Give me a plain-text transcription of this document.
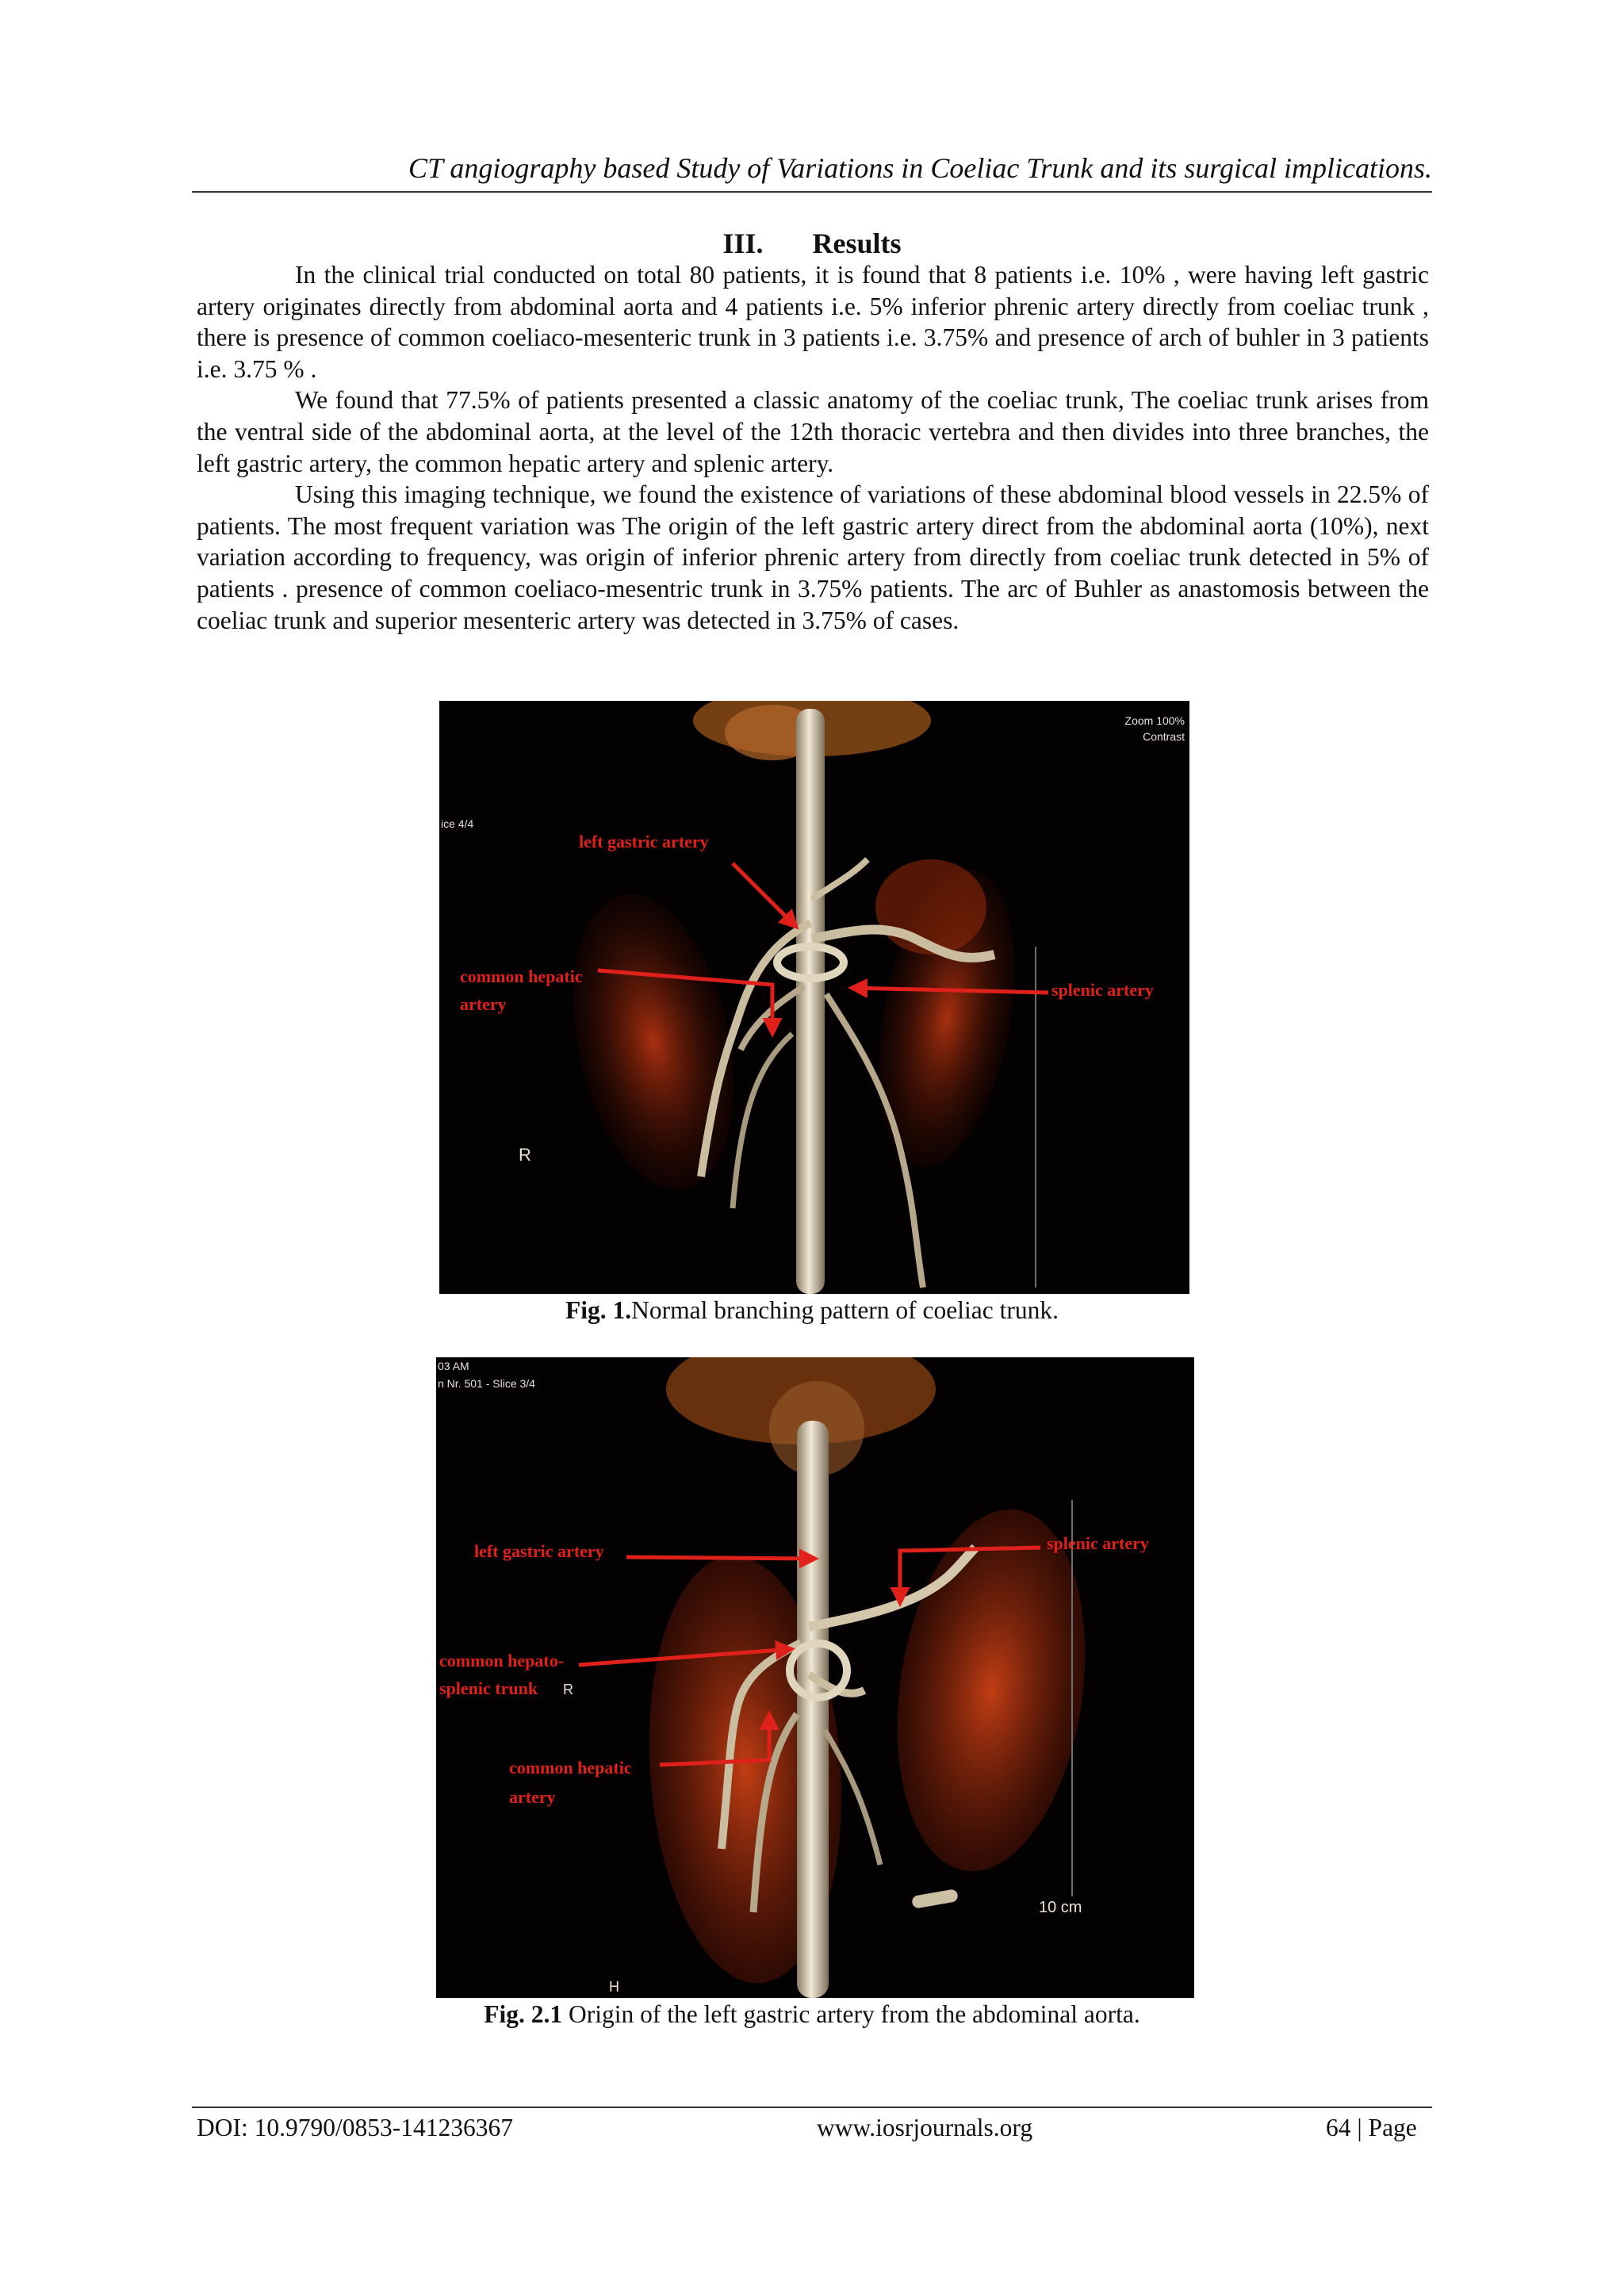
CT angiography based Study of Variations in Coeliac Trunk and its surgical implications.
III. Results

In the clinical trial conducted on total 80 patients, it is found that 8 patients i.e. 10% , were having left gastric artery originates directly from abdominal aorta and 4 patients i.e. 5% inferior phrenic artery directly from coeliac trunk , there is presence of common coeliaco-mesenteric trunk in 3 patients i.e. 3.75% and presence of arch of buhler in 3 patients i.e. 3.75 % .

We found that 77.5% of patients presented a classic anatomy of the coeliac trunk, The coeliac trunk arises from the ventral side of the abdominal aorta, at the level of the 12th thoracic vertebra and then divides into three branches, the left gastric artery, the common hepatic artery and splenic artery.

Using this imaging technique, we found the existence of variations of these abdominal blood vessels in 22.5% of patients. The most frequent variation was The origin of the left gastric artery direct from the abdominal aorta (10%), next variation according to frequency, was origin of inferior phrenic artery from directly from coeliac trunk detected in 5% of patients . presence of common coeliaco-mesentric trunk in 3.75% patients. The arc of Buhler as anastomosis between the coeliac trunk and superior mesenteric artery was detected in 3.75% of cases.

Zoom 100%
Contrast
ice 4/4
left gastric artery
common hepatic
artery
splenic artery
R
Fig. 1.Normal branching pattern of coeliac trunk.
03 AM
n Nr. 501 - Slice 3/4
10 cm
H
left gastric artery
common hepato-
splenic trunk R
common hepatic
artery
splenic artery
Fig. 2.1 Origin of the left gastric artery from the abdominal aorta.
DOI: 10.9790/0853-141236367	www.iosrjournals.org	64 | Page
